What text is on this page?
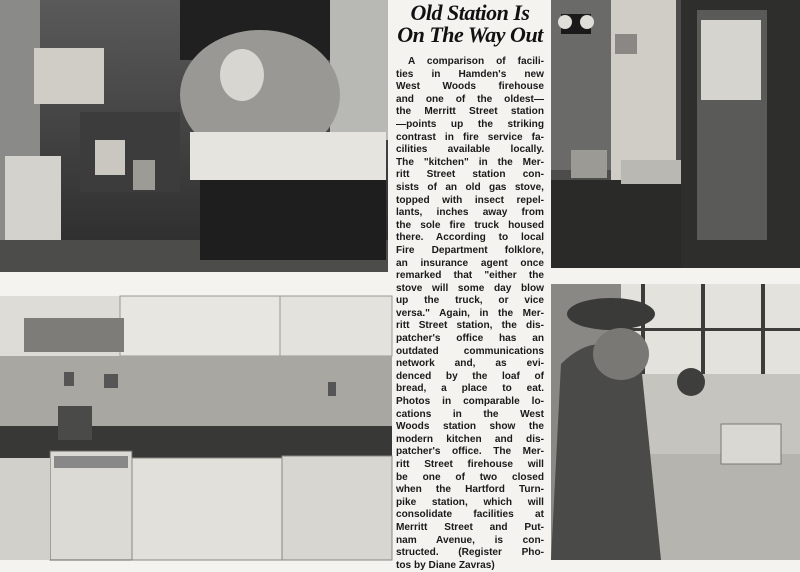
Old Station Is
On The Way Out
A comparison of facili-
ties in Hamden's new
West Woods firehouse
and one of the oldest—
the Merritt Street station
—points up the striking
contrast in fire service fa-
cilities available locally.
The "kitchen" in the Mer-
ritt Street station con-
sists of an old gas stove,
topped with insect repel-
lants, inches away from
the sole fire truck housed
there. According to local
Fire Department folklore,
an insurance agent once
remarked that "either the
stove will some day blow
up the truck, or vice
versa." Again, in the Mer-
ritt Street station, the dis-
patcher's office has an
outdated communications
network and, as evi-
denced by the loaf of
bread, a place to eat.
Photos in comparable lo-
cations in the West
Woods station show the
modern kitchen and dis-
patcher's office. The Mer-
ritt Street firehouse will
be one of two closed
when the Hartford Turn-
pike station, which will
consolidate facilities at
Merritt Street and Put-
nam Avenue, is con-
structed. (Register Pho-
tos by Diane Zavras)
